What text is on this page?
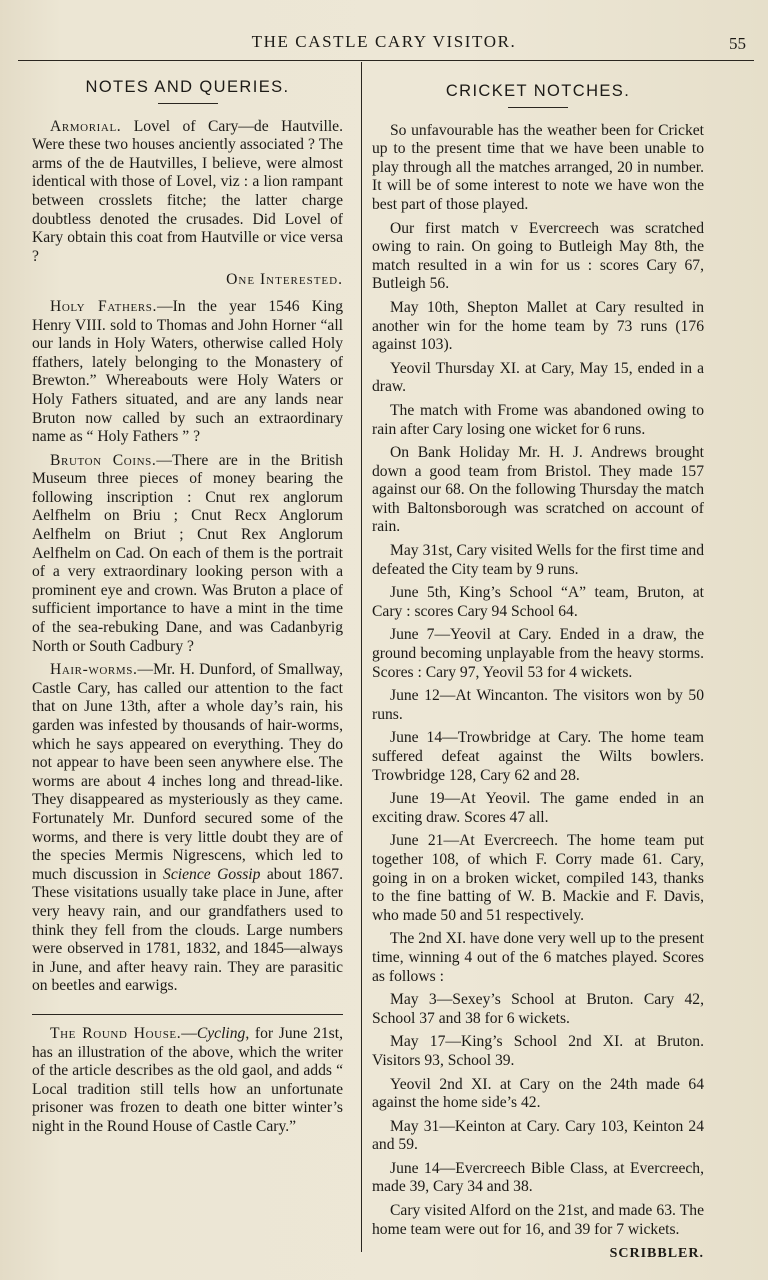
THE CASTLE CARY VISITOR.	55
NOTES AND QUERIES.

Armorial. Lovel of Cary—de Hautville. Were these two houses anciently associated ? The arms of the de Hautvilles, I believe, were almost identical with those of Lovel, viz : a lion rampant between crosslets fitche; the latter charge doubtless denoted the crusades. Did Lovel of Kary obtain this coat from Hautville or vice versa ?

One Interested.

Holy Fathers.—In the year 1546 King Henry VIII. sold to Thomas and John Horner “all our lands in Holy Waters, otherwise called Holy ffathers, lately belonging to the Monastery of Brewton.” Whereabouts were Holy Waters or Holy Fathers situated, and are any lands near Bruton now called by such an extraordinary name as “ Holy Fathers ” ?

Bruton Coins.—There are in the British Museum three pieces of money bearing the following inscription : Cnut rex anglorum Aelfhelm on Briu ; Cnut Recx Anglorum Aelfhelm on Briut ; Cnut Rex Anglorum Aelfhelm on Cad. On each of them is the portrait of a very extraordinary looking person with a prominent eye and crown. Was Bruton a place of sufficient importance to have a mint in the time of the sea-rebuking Dane, and was Cadanbyrig North or South Cadbury ?

Hair-worms.—Mr. H. Dunford, of Smallway, Castle Cary, has called our attention to the fact that on June 13th, after a whole day’s rain, his garden was infested by thousands of hair-worms, which he says appeared on everything. They do not appear to have been seen anywhere else. The worms are about 4 inches long and thread-like. They disappeared as mysteriously as they came. Fortunately Mr. Dunford secured some of the worms, and there is very little doubt they are of the species Mermis Nigrescens, which led to much discussion in Science Gossip about 1867. These visitations usually take place in June, after very heavy rain, and our grandfathers used to think they fell from the clouds. Large numbers were observed in 1781, 1832, and 1845—always in June, and after heavy rain. They are parasitic on beetles and earwigs.

The Round House.—Cycling, for June 21st, has an illustration of the above, which the writer of the article describes as the old gaol, and adds “ Local tradition still tells how an unfortunate prisoner was frozen to death one bitter winter’s night in the Round House of Castle Cary.”

CRICKET NOTCHES.

So unfavourable has the weather been for Cricket up to the present time that we have been unable to play through all the matches arranged, 20 in number. It will be of some interest to note we have won the best part of those played.

Our first match v Evercreech was scratched owing to rain. On going to Butleigh May 8th, the match resulted in a win for us : scores Cary 67, Butleigh 56.

May 10th, Shepton Mallet at Cary resulted in another win for the home team by 73 runs (176 against 103).

Yeovil Thursday XI. at Cary, May 15, ended in a draw.

The match with Frome was abandoned owing to rain after Cary losing one wicket for 6 runs.

On Bank Holiday Mr. H. J. Andrews brought down a good team from Bristol. They made 157 against our 68. On the following Thursday the match with Baltonsborough was scratched on account of rain.

May 31st, Cary visited Wells for the first time and defeated the City team by 9 runs.

June 5th, King’s School “A” team, Bruton, at Cary : scores Cary 94 School 64.

June 7—Yeovil at Cary. Ended in a draw, the ground becoming unplayable from the heavy storms. Scores : Cary 97, Yeovil 53 for 4 wickets.

June 12—At Wincanton. The visitors won by 50 runs.

June 14—Trowbridge at Cary. The home team suffered defeat against the Wilts bowlers. Trowbridge 128, Cary 62 and 28.

June 19—At Yeovil. The game ended in an exciting draw. Scores 47 all.

June 21—At Evercreech. The home team put together 108, of which F. Corry made 61. Cary, going in on a broken wicket, compiled 143, thanks to the fine batting of W. B. Mackie and F. Davis, who made 50 and 51 respectively.

The 2nd XI. have done very well up to the present time, winning 4 out of the 6 matches played. Scores as follows :

May 3—Sexey’s School at Bruton. Cary 42, School 37 and 38 for 6 wickets.

May 17—King’s School 2nd XI. at Bruton. Visitors 93, School 39.

Yeovil 2nd XI. at Cary on the 24th made 64 against the home side’s 42.

May 31—Keinton at Cary. Cary 103, Keinton 24 and 59.

June 14—Evercreech Bible Class, at Evercreech, made 39, Cary 34 and 38.

Cary visited Alford on the 21st, and made 63. The home team were out for 16, and 39 for 7 wickets.

SCRIBBLER.
